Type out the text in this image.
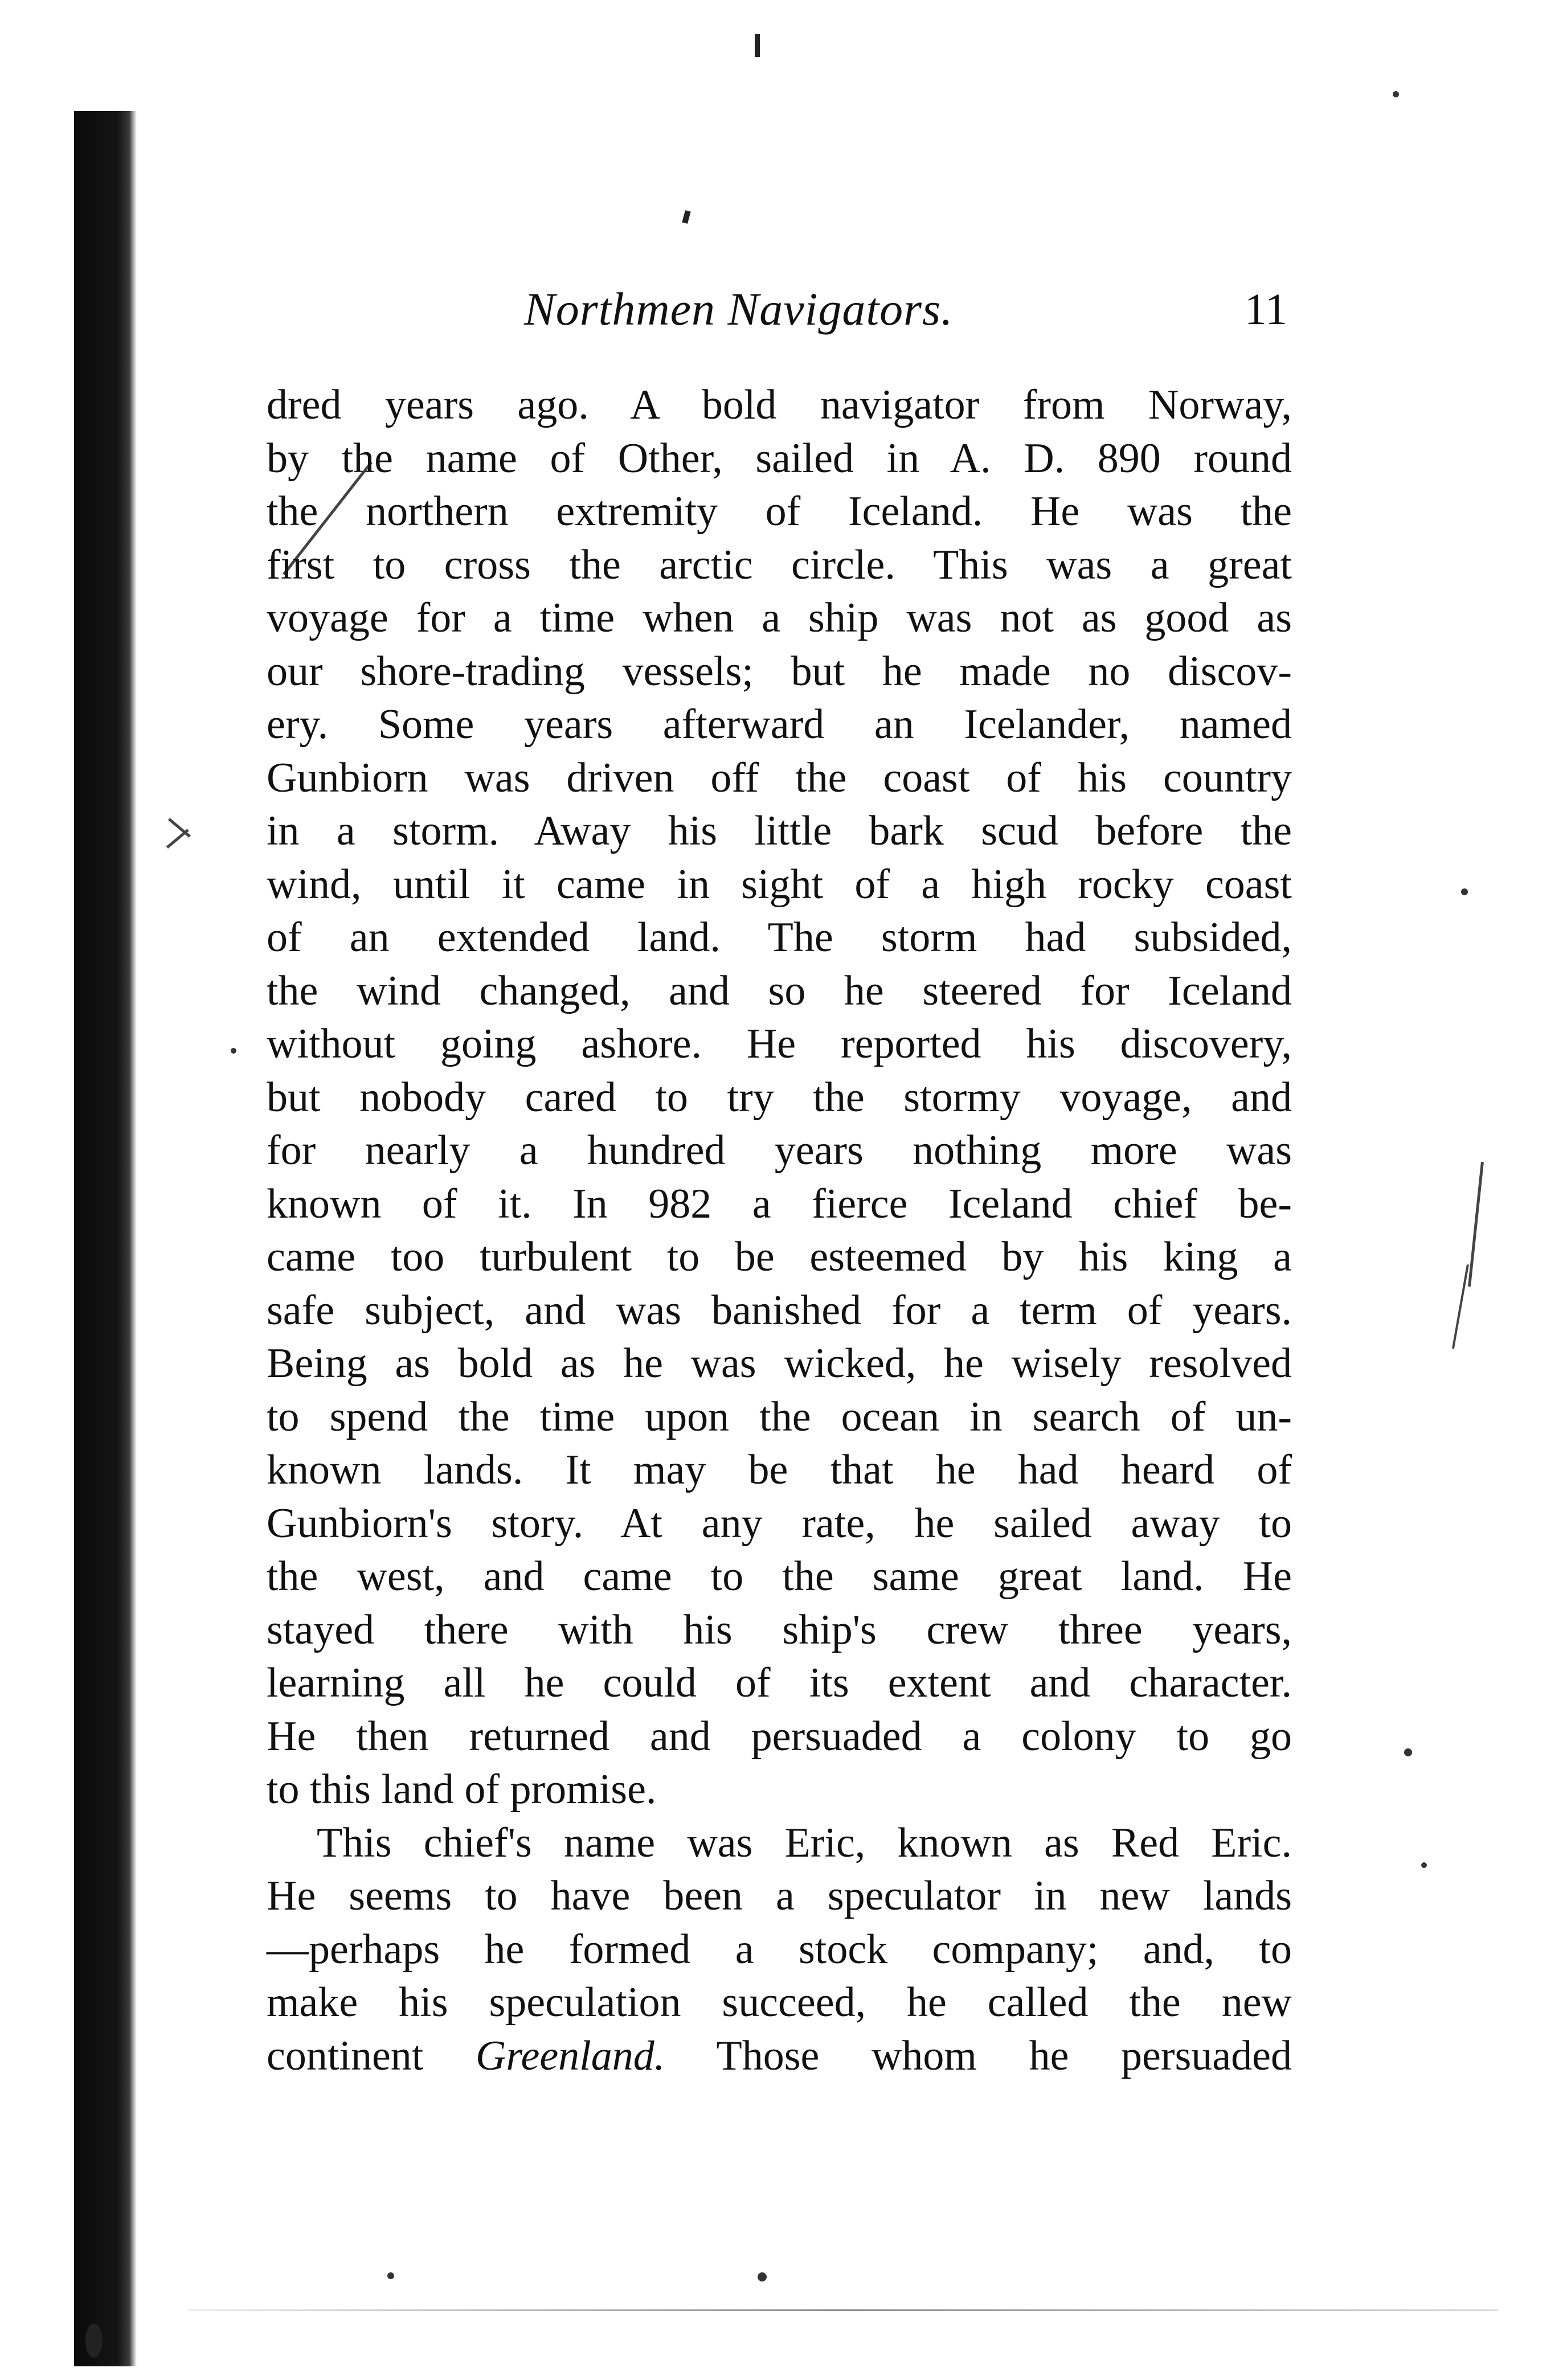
Northmen Navigators.	11
dred years ago. A bold navigator from Norway,
by the name of Other, sailed in A. D. 890 round
the northern extremity of Iceland. He was the
first to cross the arctic circle. This was a great
voyage for a time when a ship was not as good as
our shore-trading vessels; but he made no discov-
ery. Some years afterward an Icelander, named
Gunbiorn was driven off the coast of his country
in a storm. Away his little bark scud before the
wind, until it came in sight of a high rocky coast
of an extended land. The storm had subsided,
the wind changed, and so he steered for Iceland
without going ashore. He reported his discovery,
but nobody cared to try the stormy voyage, and
for nearly a hundred years nothing more was
known of it. In 982 a fierce Iceland chief be-
came too turbulent to be esteemed by his king a
safe subject, and was banished for a term of years.
Being as bold as he was wicked, he wisely resolved
to spend the time upon the ocean in search of un-
known lands. It may be that he had heard of
Gunbiorn's story. At any rate, he sailed away to
the west, and came to the same great land. He
stayed there with his ship's crew three years,
learning all he could of its extent and character.
He then returned and persuaded a colony to go
to this land of promise.
This chief's name was Eric, known as Red Eric.
He seems to have been a speculator in new lands
—perhaps he formed a stock company; and, to
make his speculation succeed, he called the new
continent Greenland. Those whom he persuaded
